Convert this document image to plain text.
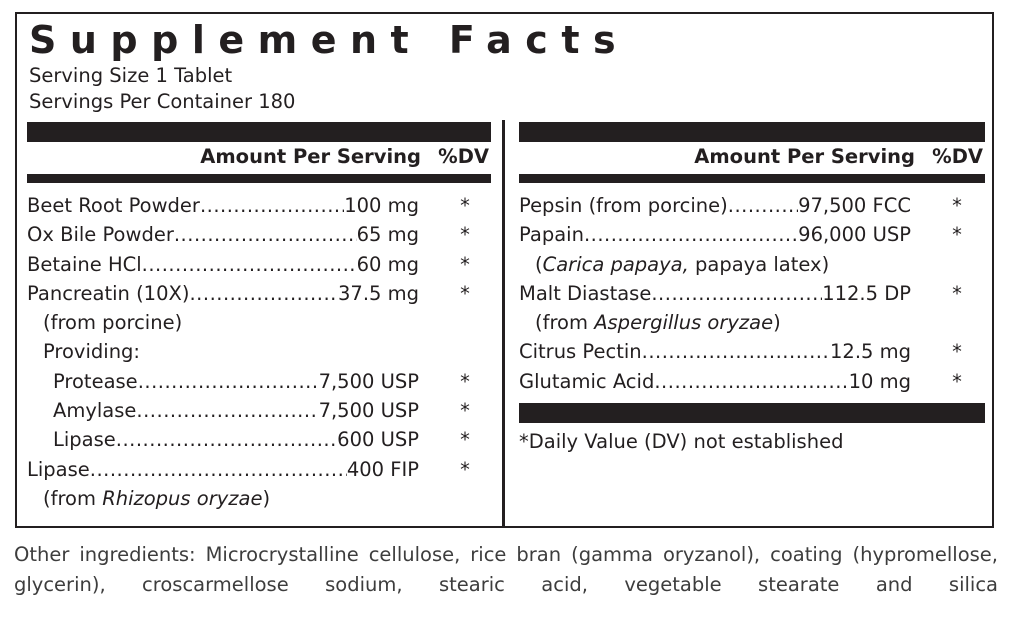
Supplement Facts
Serving Size 1 Tablet
Servings Per Container 180
Amount Per Serving %DV
Beet Root Powder .....	100 mg *
Ox Bile Powder .....	65 mg *
Betaine HCl .....	60 mg *
Pancreatin (10X) .....	37.5 mg *
(from porcine)
Providing:
Protease .....	7,500 USP *
Amylase .....	7,500 USP *
Lipase .....	600 USP *
Lipase .....	400 FIP *
(from Rhizopus oryzae)
Amount Per Serving %DV
Pepsin (from porcine) .....	97,500 FCC *
Papain .....	96,000 USP *
(Carica papaya, papaya latex)
Malt Diastase .....	112.5 DP *
(from Aspergillus oryzae)
Citrus Pectin .....	12.5 mg *
Glutamic Acid .....	10 mg *
*Daily Value (DV) not established
Other ingredients: Microcrystalline cellulose, rice bran (gamma oryzanol), coating (hypromellose, glycerin), croscarmellose sodium, stearic acid, vegetable stearate and silica
